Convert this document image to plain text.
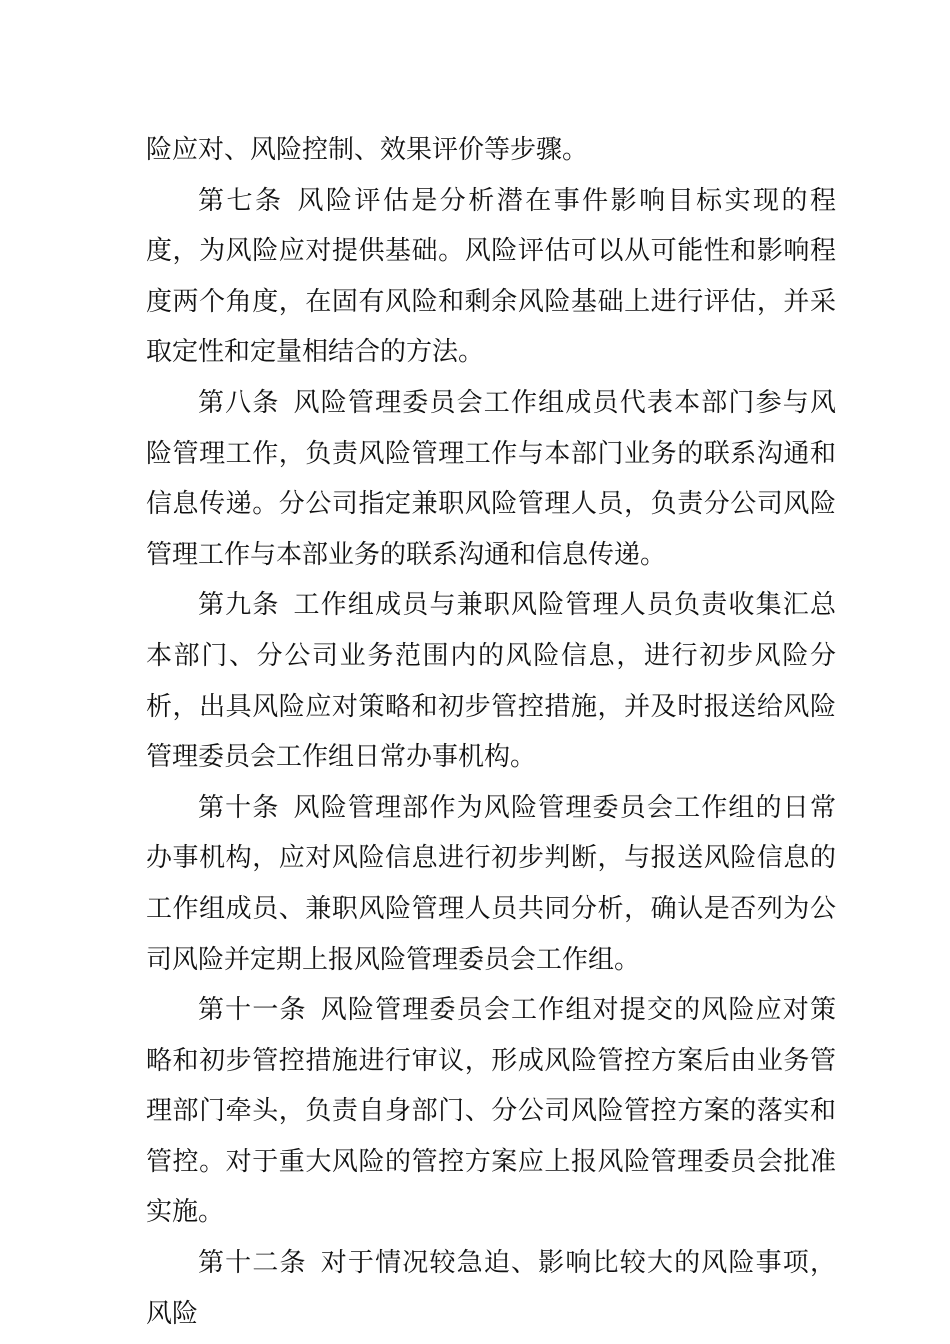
险应对、风险控制、效果评价等步骤。

第七条 风险评估是分析潜在事件影响目标实现的程度，为风险应对提供基础。风险评估可以从可能性和影响程度两个角度，在固有风险和剩余风险基础上进行评估，并采取定性和定量相结合的方法。

第八条 风险管理委员会工作组成员代表本部门参与风险管理工作，负责风险管理工作与本部门业务的联系沟通和信息传递。分公司指定兼职风险管理人员，负责分公司风险管理工作与本部业务的联系沟通和信息传递。

第九条 工作组成员与兼职风险管理人员负责收集汇总本部门、分公司业务范围内的风险信息，进行初步风险分析，出具风险应对策略和初步管控措施，并及时报送给风险管理委员会工作组日常办事机构。

第十条 风险管理部作为风险管理委员会工作组的日常办事机构，应对风险信息进行初步判断，与报送风险信息的工作组成员、兼职风险管理人员共同分析，确认是否列为公司风险并定期上报风险管理委员会工作组。

第十一条 风险管理委员会工作组对提交的风险应对策略和初步管控措施进行审议，形成风险管控方案后由业务管理部门牵头，负责自身部门、分公司风险管控方案的落实和管控。对于重大风险的管控方案应上报风险管理委员会批准实施。

第十二条 对于情况较急迫、影响比较大的风险事项，风险
